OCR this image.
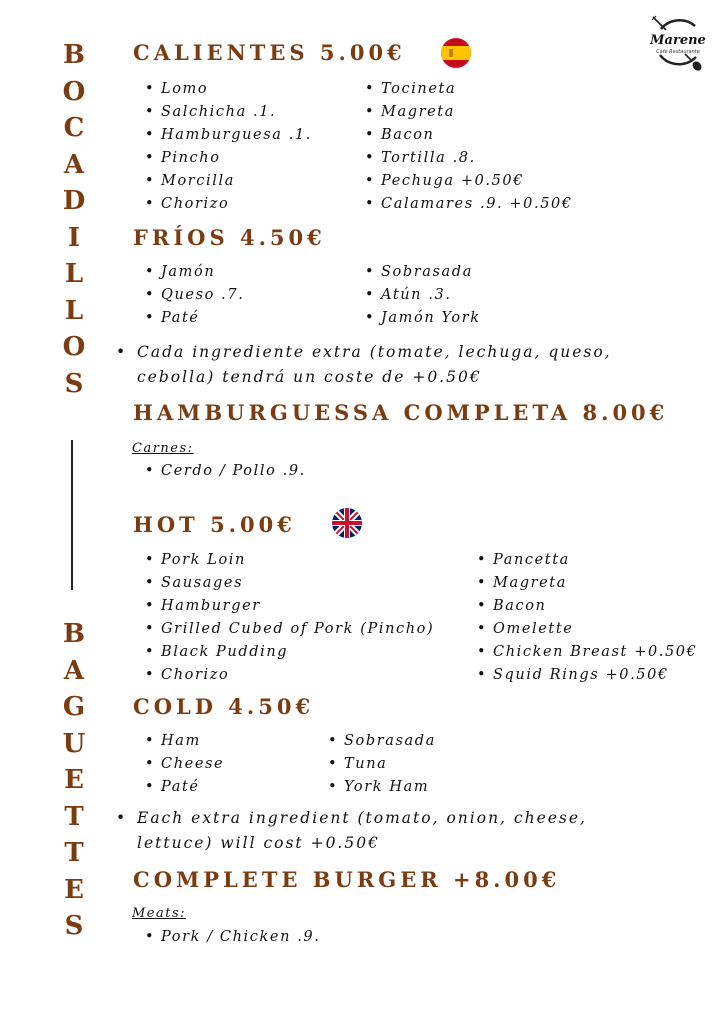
B
O
C
A
D
I
L
L
O
S
B
A
G
U
E
T
T
E
S
Marene
Café Restaurante
CALIENTES 5.00€
• Lomo
• Salchicha .1.
• Hamburguesa .1.
• Pincho
• Morcilla
• Chorizo
• Tocineta
• Magreta
• Bacon
• Tortilla .8.
• Pechuga +0.50€
• Calamares .9. +0.50€
FRÍOS 4.50€
• Jamón
• Queso .7.
• Paté
• Sobrasada
• Atún .3.
• Jamón York
• Cada ingrediente extra (tomate, lechuga, queso,

cebolla) tendrá un coste de +0.50€

HAMBURGUESSA COMPLETA 8.00€
Carnes:
• Cerdo / Pollo .9.
HOT 5.00€
• Pork Loin
• Sausages
• Hamburger
• Grilled Cubed of Pork (Pincho)
• Black Pudding
• Chorizo
• Pancetta
• Magreta
• Bacon
• Omelette
• Chicken Breast +0.50€
• Squid Rings +0.50€
COLD 4.50€
• Ham
• Cheese
• Paté
• Sobrasada
• Tuna
• York Ham
• Each extra ingredient (tomato, onion, cheese,

lettuce) will cost +0.50€

COMPLETE BURGER +8.00€
Meats:
• Pork / Chicken .9.
